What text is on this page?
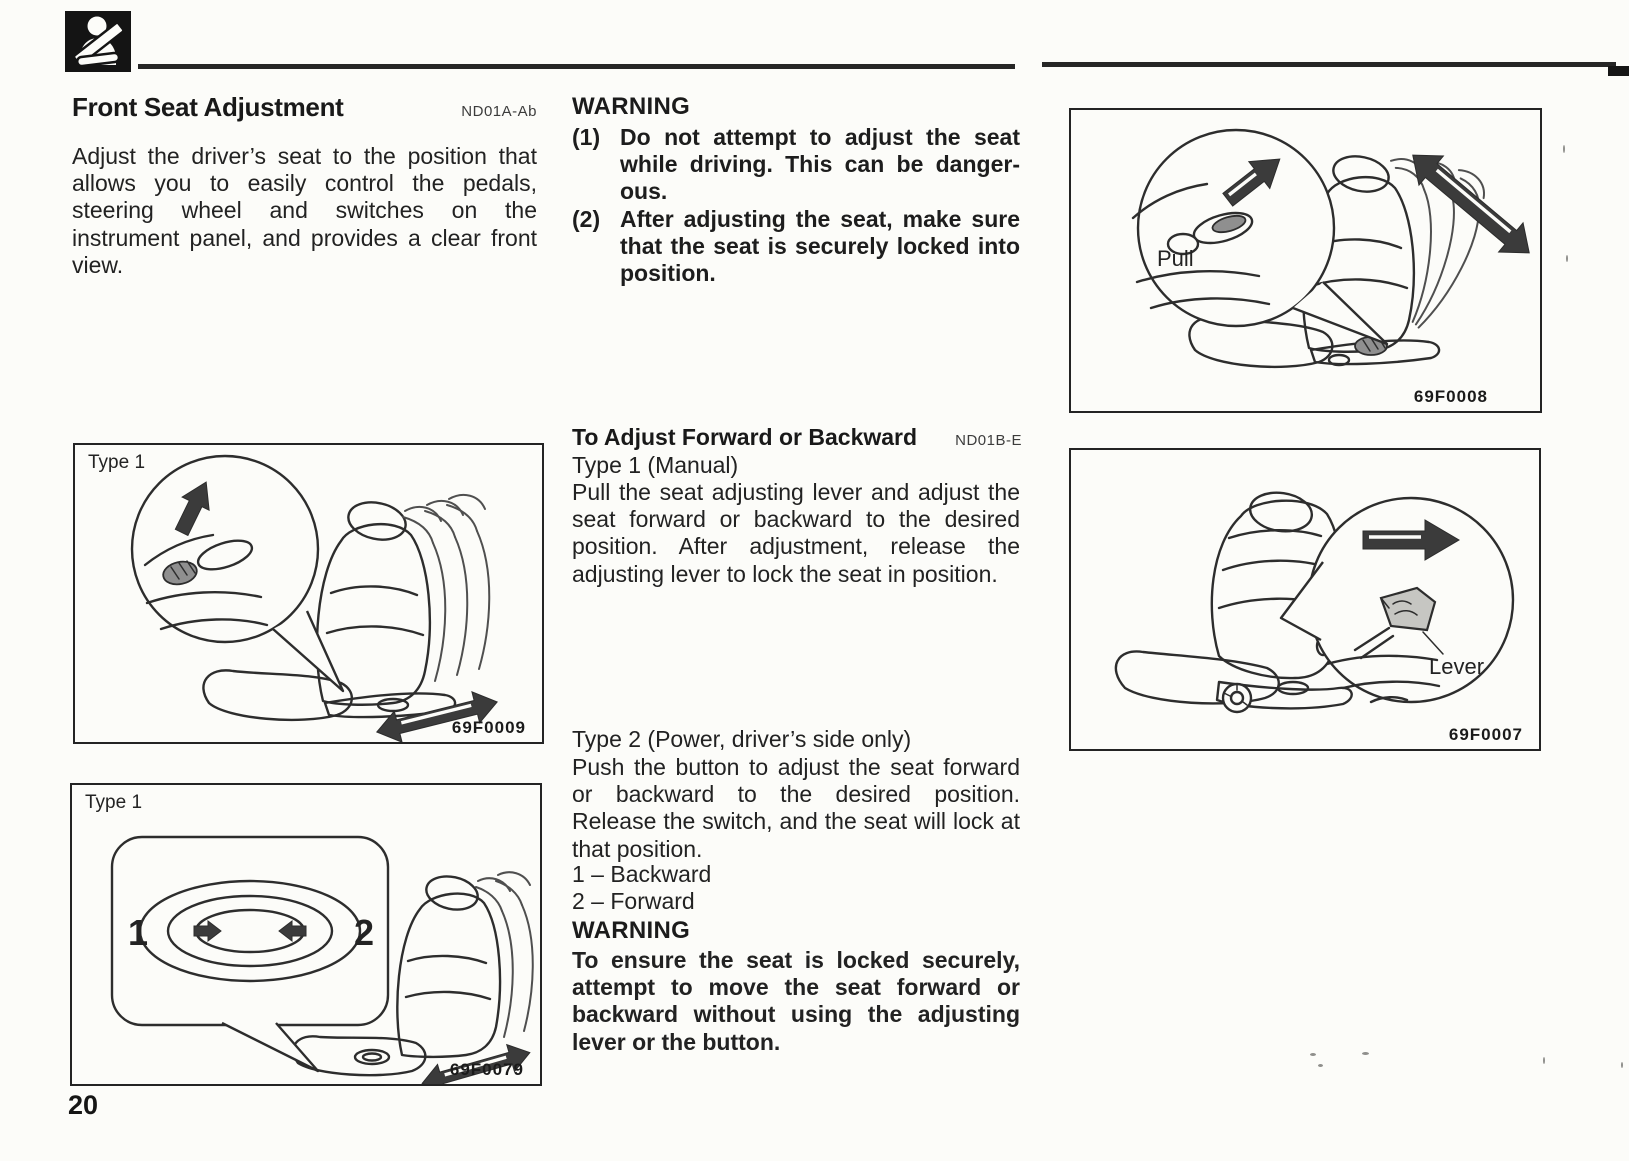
Front Seat Adjustment	ND01A-Ab
Adjust the driver’s seat to the position that allows you to easily control the pedals, steering wheel and switches on the instrument panel, and provides a clear front view.
WARNING
(1) Do not attempt to adjust the seat while driving. This can be dangerous.
(2) After adjusting the seat, make sure that the seat is securely locked into position.
To Adjust Forward or Backward	ND01B-E
Type 1 (Manual)
Pull the seat adjusting lever and adjust the seat forward or backward to the desired position. After adjustment, release the adjusting lever to lock the seat in position.
Type 2 (Power, driver’s side only)
Push the button to adjust the seat forward or backward to the desired position. Release the switch, and the seat will lock at that position.
1 – Backward
2 – Forward
WARNING
To ensure the seat is locked securely, attempt to move the seat forward or backward without using the adjusting lever or the button.
Type 1
69F0009
1	2
Type 1
69F0079
Pull
69F0008
Lever
69F0007
20
